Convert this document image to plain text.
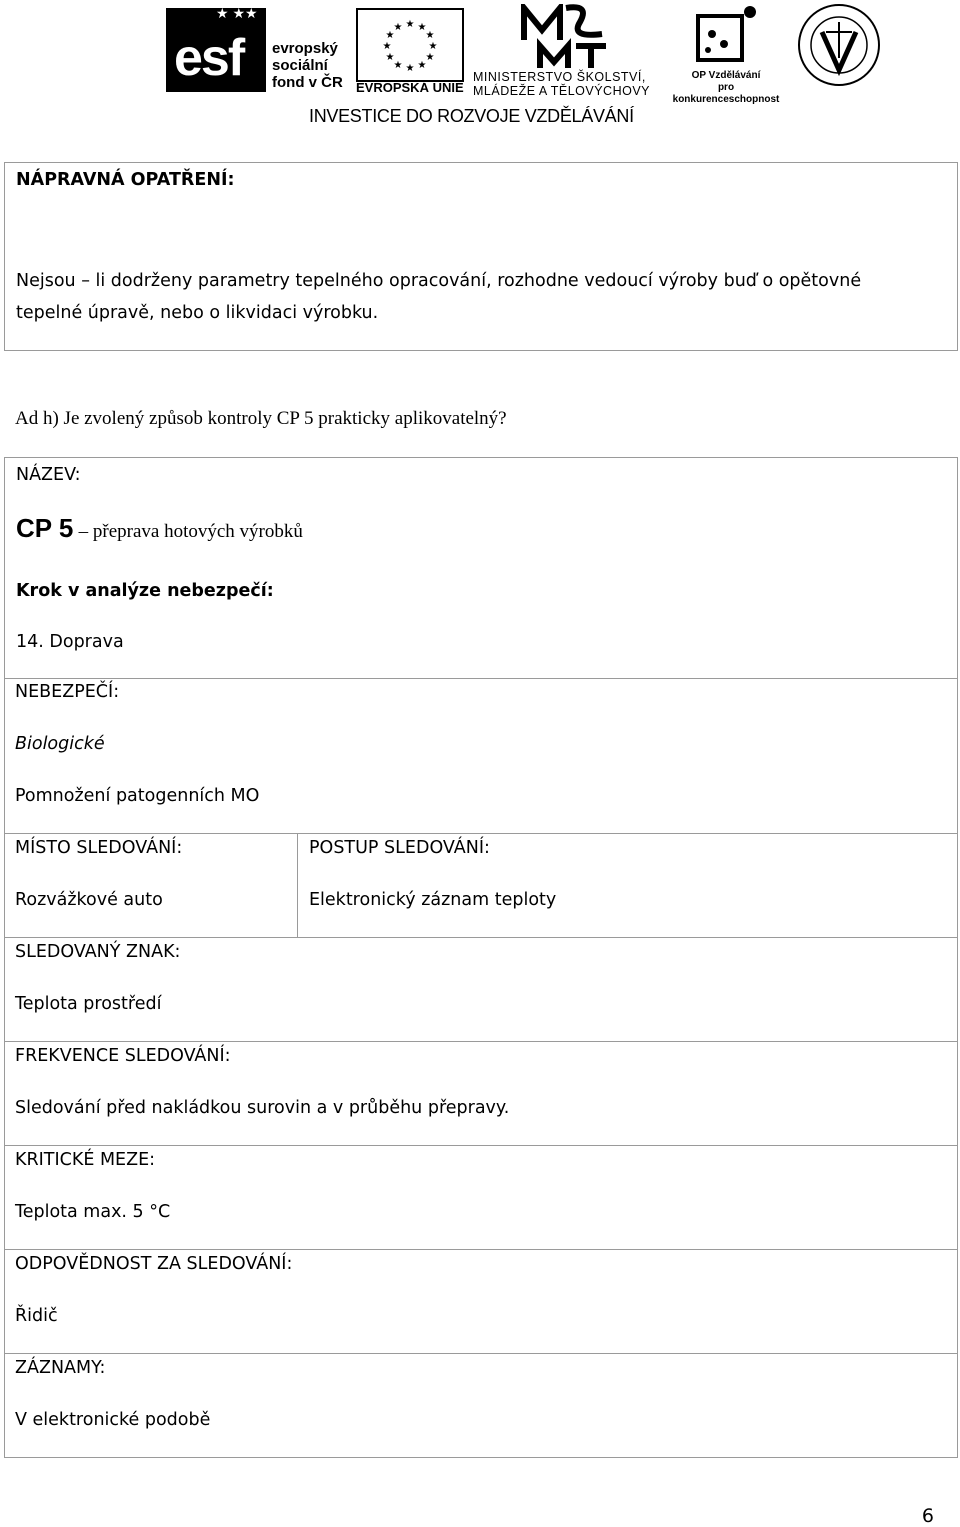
★ ★★
esf evropský
sociální
fond v ČR
★ ★
★
★
★
★
★
★
★
★
★
★
EVROPSKÁ UNIE
MINISTERSTVO ŠKOLSTVÍ,
MLÁDEŽE A TĚLOVÝCHOVY
OP Vzdělávání
pro konkurenceschopnost
INVESTICE DO ROZVOJE VZDĚLÁVÁNÍ
NÁPRAVNÁ OPATŘENÍ:
Nejsou – li dodrženy parametry tepelného opracování, rozhodne vedoucí výroby buď o opětovné
tepelné úpravě, nebo o likvidaci výrobku.
Ad h) Je zvolený způsob kontroly CP 5 prakticky aplikovatelný?
NÁZEV:
CP 5 – přeprava hotových výrobků
Krok v analýze nebezpečí:
14. Doprava
NEBEZPEČÍ:
Biologické
Pomnožení patogenních MO
MÍSTO SLEDOVÁNÍ:
Rozvážkové auto
POSTUP SLEDOVÁNÍ:
Elektronický záznam teploty
SLEDOVANÝ ZNAK:
Teplota prostředí
FREKVENCE SLEDOVÁNÍ:
Sledování před nakládkou surovin a v průběhu přepravy.
KRITICKÉ MEZE:
Teplota max. 5 °C
ODPOVĚDNOST ZA SLEDOVÁNÍ:
Řidič
ZÁZNAMY:
V elektronické podobě
6
